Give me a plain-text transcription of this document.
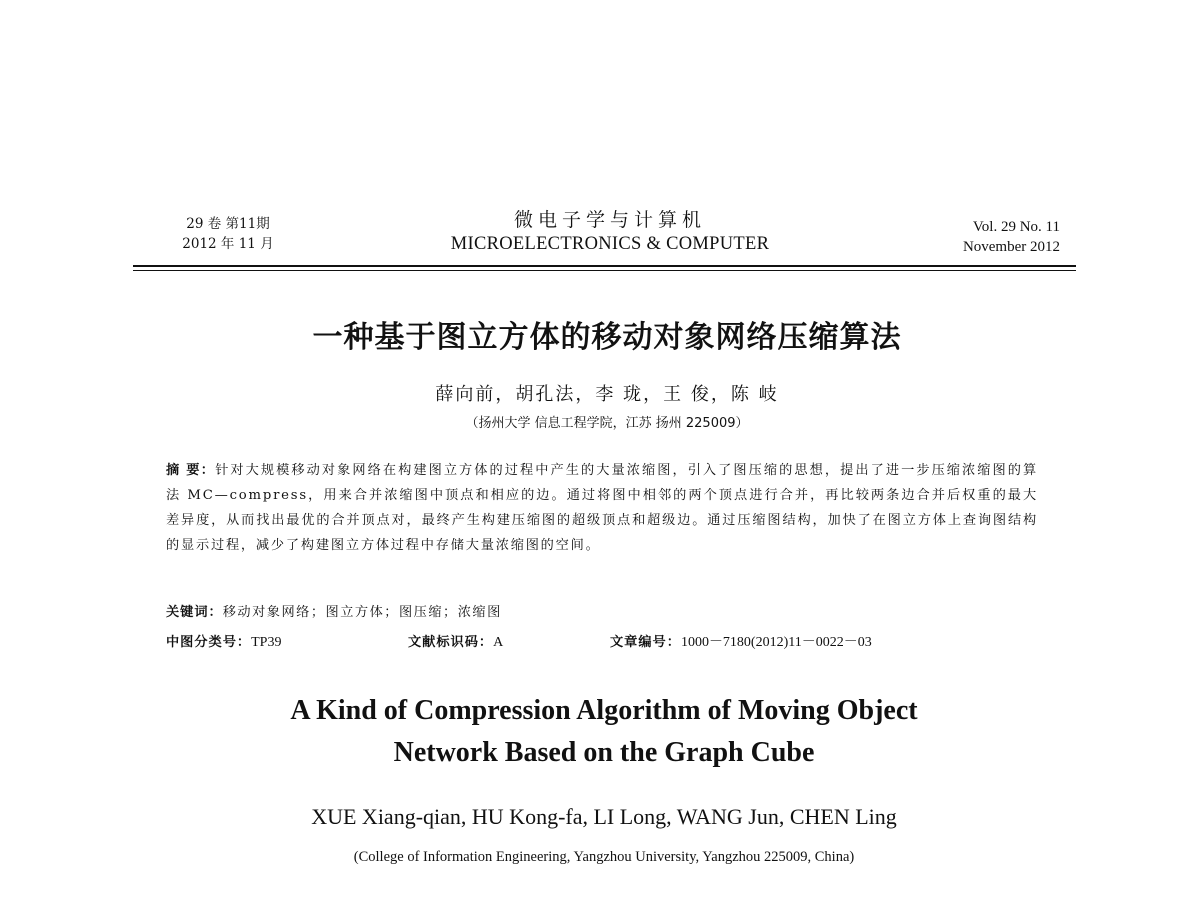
29 卷 第11期
2012 年 11 月
微电子学与计算机
MICROELECTRONICS & COMPUTER
Vol. 29 No. 11
November 2012
一种基于图立方体的移动对象网络压缩算法
薛向前，胡孔法，李 珑，王 俊，陈 岐
（扬州大学 信息工程学院，江苏 扬州 225009）
摘 要：针对大规模移动对象网络在构建图立方体的过程中产生的大量浓缩图，引入了图压缩的思想，提出了进一步压缩浓缩图的算法 MC—compress，用来合并浓缩图中顶点和相应的边。通过将图中相邻的两个顶点进行合并，再比较两条边合并后权重的最大差异度，从而找出最优的合并顶点对，最终产生构建压缩图的超级顶点和超级边。通过压缩图结构，加快了在图立方体上查询图结构的显示过程，减少了构建图立方体过程中存储大量浓缩图的空间。
关键词：移动对象网络；图立方体；图压缩；浓缩图
中图分类号：TP39	文献标识码：A	文章编号：1000－7180(2012)11－0022－03
A Kind of Compression Algorithm of Moving Object
Network Based on the Graph Cube
XUE Xiang-qian, HU Kong-fa, LI Long, WANG Jun, CHEN Ling
(College of Information Engineering, Yangzhou University, Yangzhou 225009, China)
